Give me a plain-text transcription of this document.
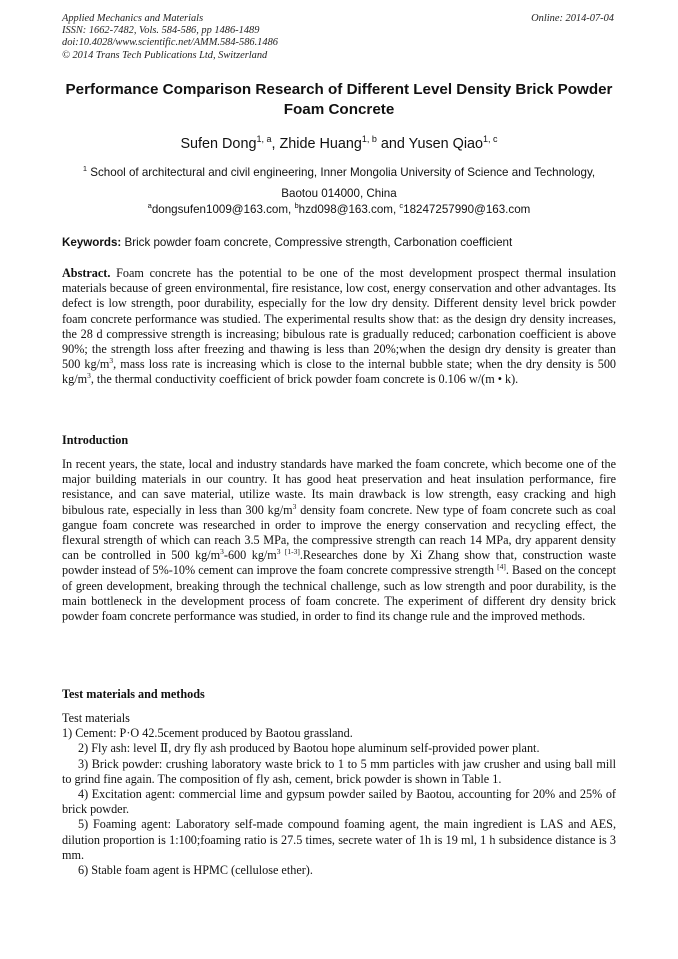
Applied Mechanics and Materials
ISSN: 1662-7482, Vols. 584-586, pp 1486-1489
doi:10.4028/www.scientific.net/AMM.584-586.1486
© 2014 Trans Tech Publications Ltd, Switzerland
Online: 2014-07-04
Performance Comparison Research of Different Level Density Brick Powder Foam Concrete
Sufen Dong$^{1, a}$, Zhide Huang$^{1, b}$ and Yusen Qiao$^{1, c}$
$^1$ School of architectural and civil engineering, Inner Mongolia University of Science and Technology,
Baotou 014000, China
$^a$dongsufen1009@163.com, $^b$hzd098@163.com, $^c$18247257990@163.com
Keywords: Brick powder foam concrete, Compressive strength, Carbonation coefficient
Abstract. Foam concrete has the potential to be one of the most development prospect thermal insulation materials because of green environmental, fire resistance, low cost, energy conservation and other advantages. Its defect is low strength, poor durability, especially for the low dry density. Different density level brick powder foam concrete performance was studied. The experimental results show that: as the design dry density increases, the 28 d compressive strength is increasing; bibulous rate is gradually reduced; carbonation coefficient is above 90%; the strength loss after freezing and thawing is less than 20%;when the design dry density is greater than 500 $kg/m^3$, mass loss rate is increasing which is close to the internal bubble state; when the dry density is 500 $kg/m^3$, the thermal conductivity coefficient of brick powder foam concrete is 0.106 w/(m • k).
Introduction
In recent years, the state, local and industry standards have marked the foam concrete, which become one of the major building materials in our country. It has good heat preservation and heat insulation performance, fire resistance, and can save material, utilize waste. Its main drawback is low strength, easy cracking and high bibulous rate, especially in less than 300 $kg/m^3$ density foam concrete. New type of foam concrete such as coal gangue foam concrete was researched in order to improve the energy conservation and recycling effect, the flexural strength of which can reach 3.5 MPa, the compressive strength can reach 14 MPa, dry apparent density can be controlled in 500 $kg/m^3-600$ $kg/m^{3 [1-3]}.Researches$ done by Xi Zhang show that, construction waste powder instead of 5%-10% cement can improve the foam concrete compressive strength [4]. Based on the concept of green development, breaking through the technical challenge, such as low strength and poor durability, is the main bottleneck in the development process of foam concrete. The experiment of different dry density brick powder foam concrete performance was studied, in order to find its change rule and the improved methods.
Test materials and methods
Test materials
1) Cement: P·O 42.5cement produced by Baotou grassland.
2) Fly ash: level Ⅱ, dry fly ash produced by Baotou hope aluminum self-provided power plant.
3) Brick powder: crushing laboratory waste brick to 1 to 5 mm particles with jaw crusher and using ball mill to grind fine again. The composition of fly ash, cement, brick powder is shown in Table 1.
4) Excitation agent: commercial lime and gypsum powder sailed by Baotou, accounting for 20% and 25% of brick powder.
5) Foaming agent: Laboratory self-made compound foaming agent, the main ingredient is LAS and AES, dilution proportion is 1:100;foaming ratio is 27.5 times, secrete water of 1h is 19 ml, 1 h subsidence distance is 3 mm.
6) Stable foam agent is HPMC (cellulose ether).
